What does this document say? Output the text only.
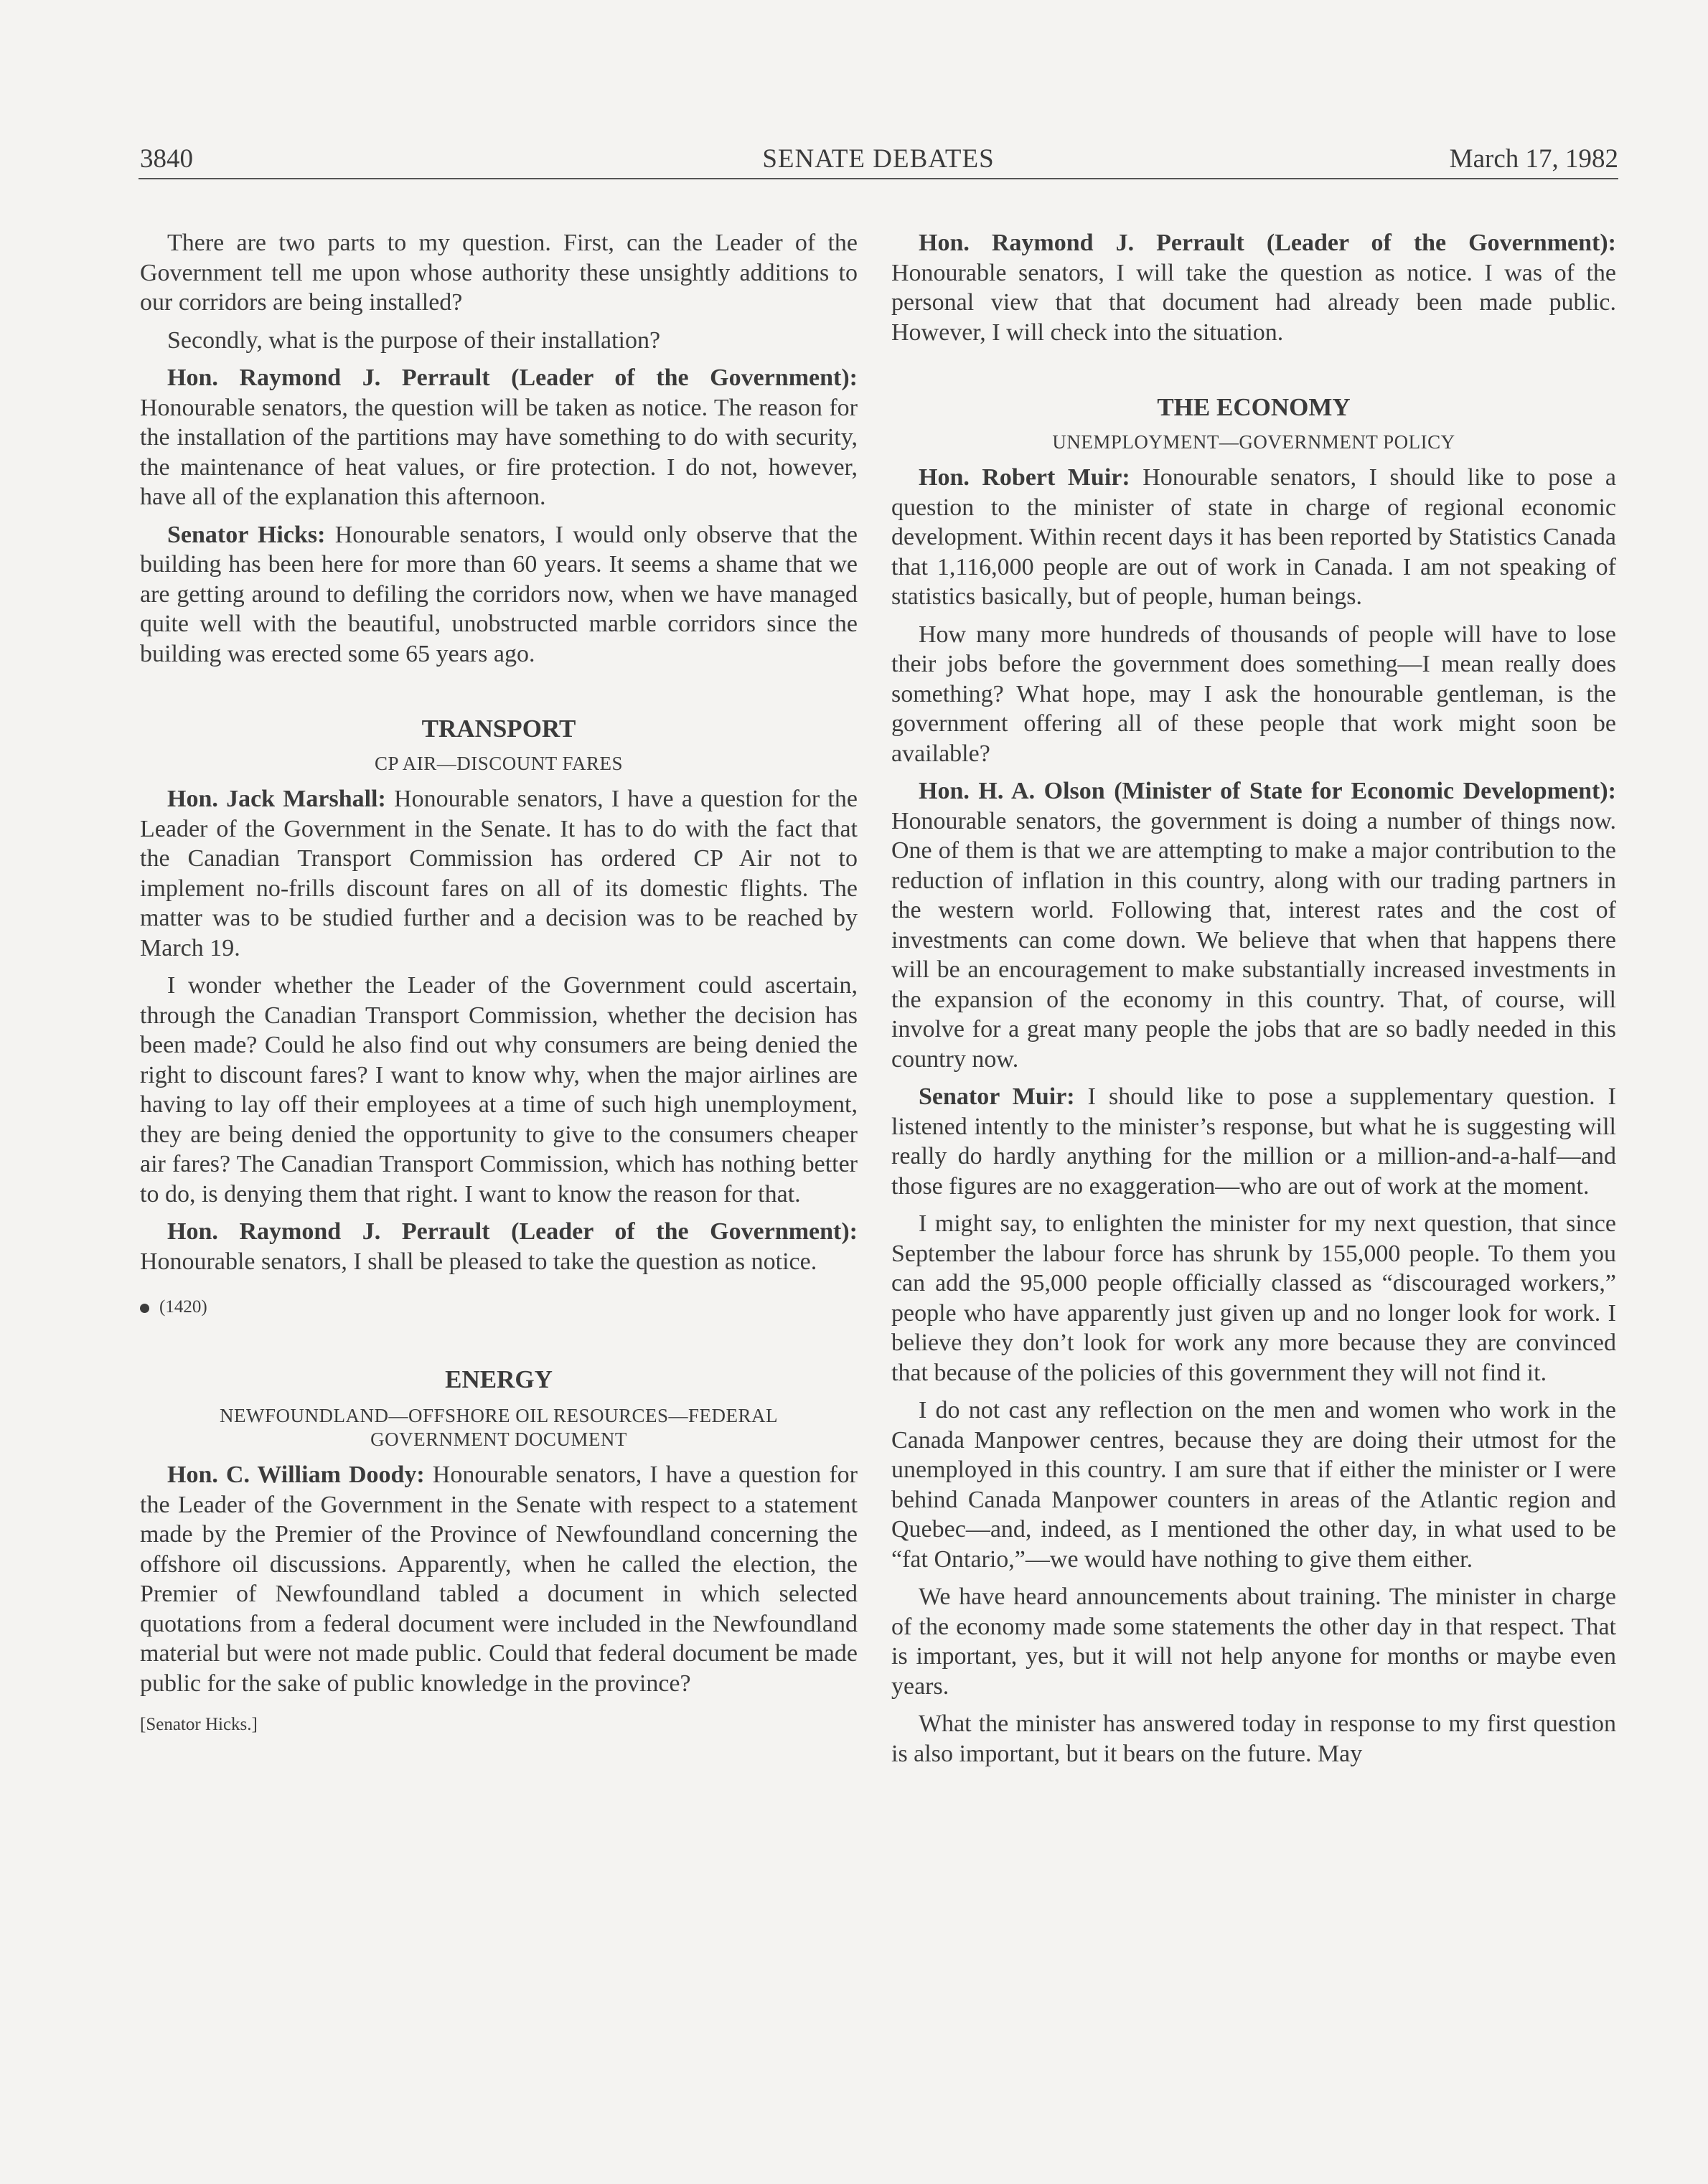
3840	SENATE DEBATES	March 17, 1982

There are two parts to my question. First, can the Leader of the Government tell me upon whose authority these unsightly additions to our corridors are being installed?

Secondly, what is the purpose of their installation?

Hon. Raymond J. Perrault (Leader of the Government): Honourable senators, the question will be taken as notice. The reason for the installation of the partitions may have something to do with security, the maintenance of heat values, or fire protection. I do not, however, have all of the explanation this afternoon.

Senator Hicks: Honourable senators, I would only observe that the building has been here for more than 60 years. It seems a shame that we are getting around to defiling the corridors now, when we have managed quite well with the beautiful, unobstructed marble corridors since the building was erected some 65 years ago.

TRANSPORT
CP AIR—DISCOUNT FARES

Hon. Jack Marshall: Honourable senators, I have a question for the Leader of the Government in the Senate. It has to do with the fact that the Canadian Transport Commission has ordered CP Air not to implement no-frills discount fares on all of its domestic flights. The matter was to be studied further and a decision was to be reached by March 19.

I wonder whether the Leader of the Government could ascertain, through the Canadian Transport Commission, whether the decision has been made? Could he also find out why consumers are being denied the right to discount fares? I want to know why, when the major airlines are having to lay off their employees at a time of such high unemployment, they are being denied the opportunity to give to the consumers cheaper air fares? The Canadian Transport Commission, which has nothing better to do, is denying them that right. I want to know the reason for that.

Hon. Raymond J. Perrault (Leader of the Government): Honourable senators, I shall be pleased to take the question as notice.

(1420)
ENERGY
NEWFOUNDLAND—OFFSHORE OIL RESOURCES—FEDERAL GOVERNMENT DOCUMENT

Hon. C. William Doody: Honourable senators, I have a question for the Leader of the Government in the Senate with respect to a statement made by the Premier of the Province of Newfoundland concerning the offshore oil discussions. Apparently, when he called the election, the Premier of Newfoundland tabled a document in which selected quotations from a federal document were included in the Newfoundland material but were not made public. Could that federal document be made public for the sake of public knowledge in the province?

[Senator Hicks.]

Hon. Raymond J. Perrault (Leader of the Government): Honourable senators, I will take the question as notice. I was of the personal view that that document had already been made public. However, I will check into the situation.

THE ECONOMY
UNEMPLOYMENT—GOVERNMENT POLICY

Hon. Robert Muir: Honourable senators, I should like to pose a question to the minister of state in charge of regional economic development. Within recent days it has been reported by Statistics Canada that 1,116,000 people are out of work in Canada. I am not speaking of statistics basically, but of people, human beings.

How many more hundreds of thousands of people will have to lose their jobs before the government does something—I mean really does something? What hope, may I ask the honourable gentleman, is the government offering all of these people that work might soon be available?

Hon. H. A. Olson (Minister of State for Economic Development): Honourable senators, the government is doing a number of things now. One of them is that we are attempting to make a major contribution to the reduction of inflation in this country, along with our trading partners in the western world. Following that, interest rates and the cost of investments can come down. We believe that when that happens there will be an encouragement to make substantially increased investments in the expansion of the economy in this country. That, of course, will involve for a great many people the jobs that are so badly needed in this country now.

Senator Muir: I should like to pose a supplementary question. I listened intently to the minister’s response, but what he is suggesting will really do hardly anything for the million or a million-and-a-half—and those figures are no exaggeration—who are out of work at the moment.

I might say, to enlighten the minister for my next question, that since September the labour force has shrunk by 155,000 people. To them you can add the 95,000 people officially classed as “discouraged workers,” people who have apparently just given up and no longer look for work. I believe they don’t look for work any more because they are convinced that because of the policies of this government they will not find it.

I do not cast any reflection on the men and women who work in the Canada Manpower centres, because they are doing their utmost for the unemployed in this country. I am sure that if either the minister or I were behind Canada Manpower counters in areas of the Atlantic region and Quebec—and, indeed, as I mentioned the other day, in what used to be “fat Ontario,”—we would have nothing to give them either.

We have heard announcements about training. The minister in charge of the economy made some statements the other day in that respect. That is important, yes, but it will not help anyone for months or maybe even years.

What the minister has answered today in response to my first question is also important, but it bears on the future. May
